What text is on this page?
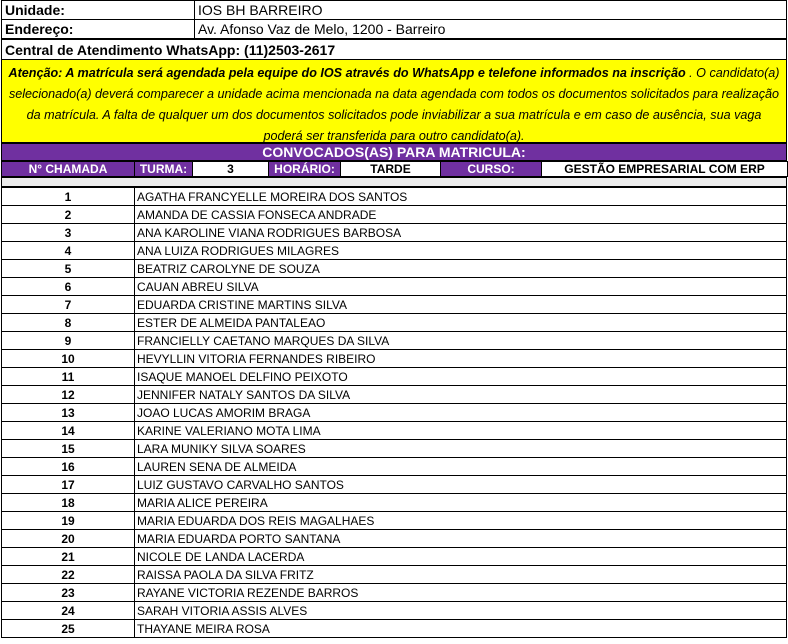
Unidade:	IOS BH BARREIRO
Endereço:	Av. Afonso Vaz de Melo, 1200 - Barreiro
Central de Atendimento WhatsApp: (11)2503-2617
Atenção: A matrícula será agendada pela equipe do IOS através do WhatsApp e telefone informados na inscrição . O candidato(a) selecionado(a) deverá comparecer a unidade acima mencionada na data agendada com todos os documentos solicitados para realização da matrícula. A falta de qualquer um dos documentos solicitados pode inviabilizar a sua matrícula e em caso de ausência, sua vaga poderá ser transferida para outro candidato(a).
CONVOCADOS(AS) PARA MATRICULA:
N° CHAMADA	TURMA:	3	HORÁRIO:	TARDE	CURSO:	GESTÃO EMPRESARIAL COM ERP
1	AGATHA FRANCYELLE MOREIRA DOS SANTOS
2	AMANDA DE CASSIA FONSECA ANDRADE
3	ANA KAROLINE VIANA RODRIGUES BARBOSA
4	ANA LUIZA RODRIGUES MILAGRES
5	BEATRIZ CAROLYNE DE SOUZA
6	CAUAN ABREU SILVA
7	EDUARDA CRISTINE MARTINS SILVA
8	ESTER DE ALMEIDA PANTALEAO
9	FRANCIELLY CAETANO MARQUES DA SILVA
10	HEVYLLIN VITORIA FERNANDES RIBEIRO
11	ISAQUE MANOEL DELFINO PEIXOTO
12	JENNIFER NATALY SANTOS DA SILVA
13	JOAO LUCAS AMORIM BRAGA
14	KARINE VALERIANO MOTA LIMA
15	LARA MUNIKY SILVA SOARES
16	LAUREN SENA DE ALMEIDA
17	LUIZ GUSTAVO CARVALHO SANTOS
18	MARIA ALICE PEREIRA
19	MARIA EDUARDA DOS REIS MAGALHAES
20	MARIA EDUARDA PORTO SANTANA
21	NICOLE DE LANDA LACERDA
22	RAISSA PAOLA DA SILVA FRITZ
23	RAYANE VICTORIA REZENDE BARROS
24	SARAH VITORIA ASSIS ALVES
25	THAYANE MEIRA ROSA
